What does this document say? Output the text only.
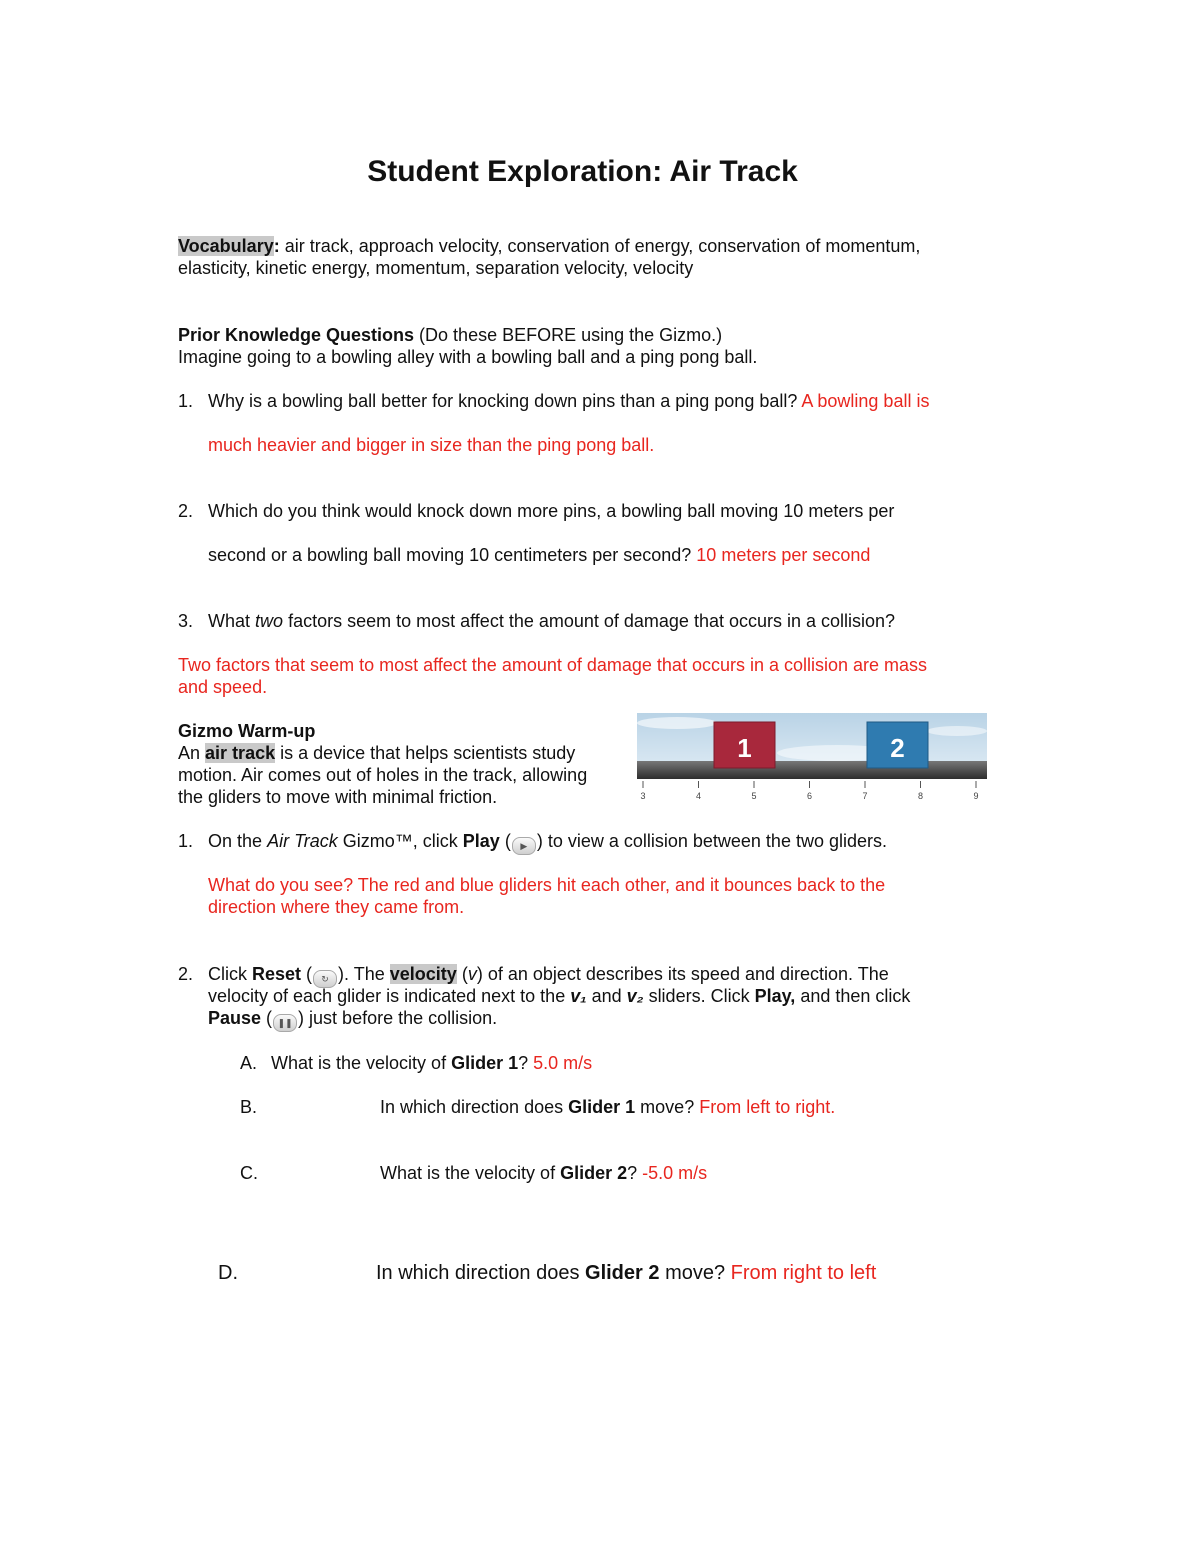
Student Exploration: Air Track
Vocabulary: air track, approach velocity, conservation of energy, conservation of momentum,
elasticity, kinetic energy, momentum, separation velocity, velocity
Prior Knowledge Questions (Do these BEFORE using the Gizmo.)
Imagine going to a bowling alley with a bowling ball and a ping pong ball.
1. Why is a bowling ball better for knocking down pins than a ping pong ball? A bowling ball is
much heavier and bigger in size than the ping pong ball.
2. Which do you think would knock down more pins, a bowling ball moving 10 meters per
second or a bowling ball moving 10 centimeters per second? 10 meters per second
3. What two factors seem to most affect the amount of damage that occurs in a collision?
Two factors that seem to most affect the amount of damage that occurs in a collision are mass
and speed.
Gizmo Warm-up
An air track is a device that helps scientists study
motion. Air comes out of holes in the track, allowing
the gliders to move with minimal friction.
1	2
3	4	5	6	7	8	9
1. On the Air Track Gizmo™, click Play ( ▶ ) to view a collision between the two gliders.
What do you see? The red and blue gliders hit each other, and it bounces back to the
direction where they came from.
2. Click Reset ( ↻ ). The velocity (v) of an object describes its speed and direction. The
velocity of each glider is indicated next to the v₁ and v₂ sliders. Click Play, and then click
Pause ( ❚❚ ) just before the collision.
A. What is the velocity of Glider 1? 5.0 m/s
B.	In which direction does Glider 1 move? From left to right.
C.	What is the velocity of Glider 2? -5.0 m/s
D.	In which direction does Glider 2 move? From right to left
